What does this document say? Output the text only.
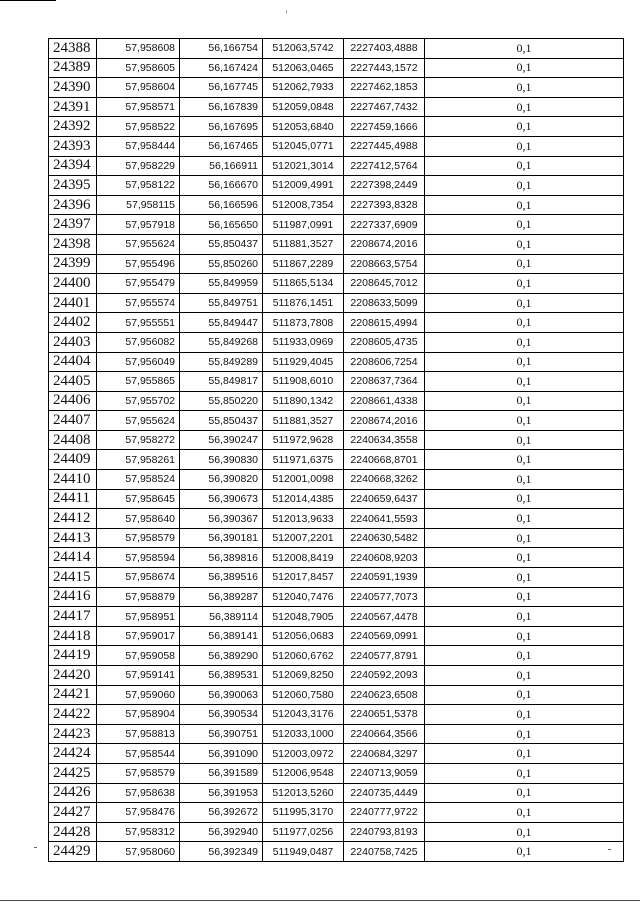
24388	57,958608	56,166754	512063,5742	2227403,4888	0,1
24389	57,958605	56,167424	512063,0465	2227443,1572	0,1
24390	57,958604	56,167745	512062,7933	2227462,1853	0,1
24391	57,958571	56,167839	512059,0848	2227467,7432	0,1
24392	57,958522	56,167695	512053,6840	2227459,1666	0,1
24393	57,958444	56,167465	512045,0771	2227445,4988	0,1
24394	57,958229	56,166911	512021,3014	2227412,5764	0,1
24395	57,958122	56,166670	512009,4991	2227398,2449	0,1
24396	57,958115	56,166596	512008,7354	2227393,8328	0,1
24397	57,957918	56,165650	511987,0991	2227337,6909	0,1
24398	57,955624	55,850437	511881,3527	2208674,2016	0,1
24399	57,955496	55,850260	511867,2289	2208663,5754	0,1
24400	57,955479	55,849959	511865,5134	2208645,7012	0,1
24401	57,955574	55,849751	511876,1451	2208633,5099	0,1
24402	57,955551	55,849447	511873,7808	2208615,4994	0,1
24403	57,956082	55,849268	511933,0969	2208605,4735	0,1
24404	57,956049	55,849289	511929,4045	2208606,7254	0,1
24405	57,955865	55,849817	511908,6010	2208637,7364	0,1
24406	57,955702	55,850220	511890,1342	2208661,4338	0,1
24407	57,955624	55,850437	511881,3527	2208674,2016	0,1
24408	57,958272	56,390247	511972,9628	2240634,3558	0,1
24409	57,958261	56,390830	511971,6375	2240668,8701	0,1
24410	57,958524	56,390820	512001,0098	2240668,3262	0,1
24411	57,958645	56,390673	512014,4385	2240659,6437	0,1
24412	57,958640	56,390367	512013,9633	2240641,5593	0,1
24413	57,958579	56,390181	512007,2201	2240630,5482	0,1
24414	57,958594	56,389816	512008,8419	2240608,9203	0,1
24415	57,958674	56,389516	512017,8457	2240591,1939	0,1
24416	57,958879	56,389287	512040,7476	2240577,7073	0,1
24417	57,958951	56,389114	512048,7905	2240567,4478	0,1
24418	57,959017	56,389141	512056,0683	2240569,0991	0,1
24419	57,959058	56,389290	512060,6762	2240577,8791	0,1
24420	57,959141	56,389531	512069,8250	2240592,2093	0,1
24421	57,959060	56,390063	512060,7580	2240623,6508	0,1
24422	57,958904	56,390534	512043,3176	2240651,5378	0,1
24423	57,958813	56,390751	512033,1000	2240664,3566	0,1
24424	57,958544	56,391090	512003,0972	2240684,3297	0,1
24425	57,958579	56,391589	512006,9548	2240713,9059	0,1
24426	57,958638	56,391953	512013,5260	2240735,4449	0,1
24427	57,958476	56,392672	511995,3170	2240777,9722	0,1
24428	57,958312	56,392940	511977,0256	2240793,8193	0,1
24429	57,958060	56,392349	511949,0487	2240758,7425	0,1
